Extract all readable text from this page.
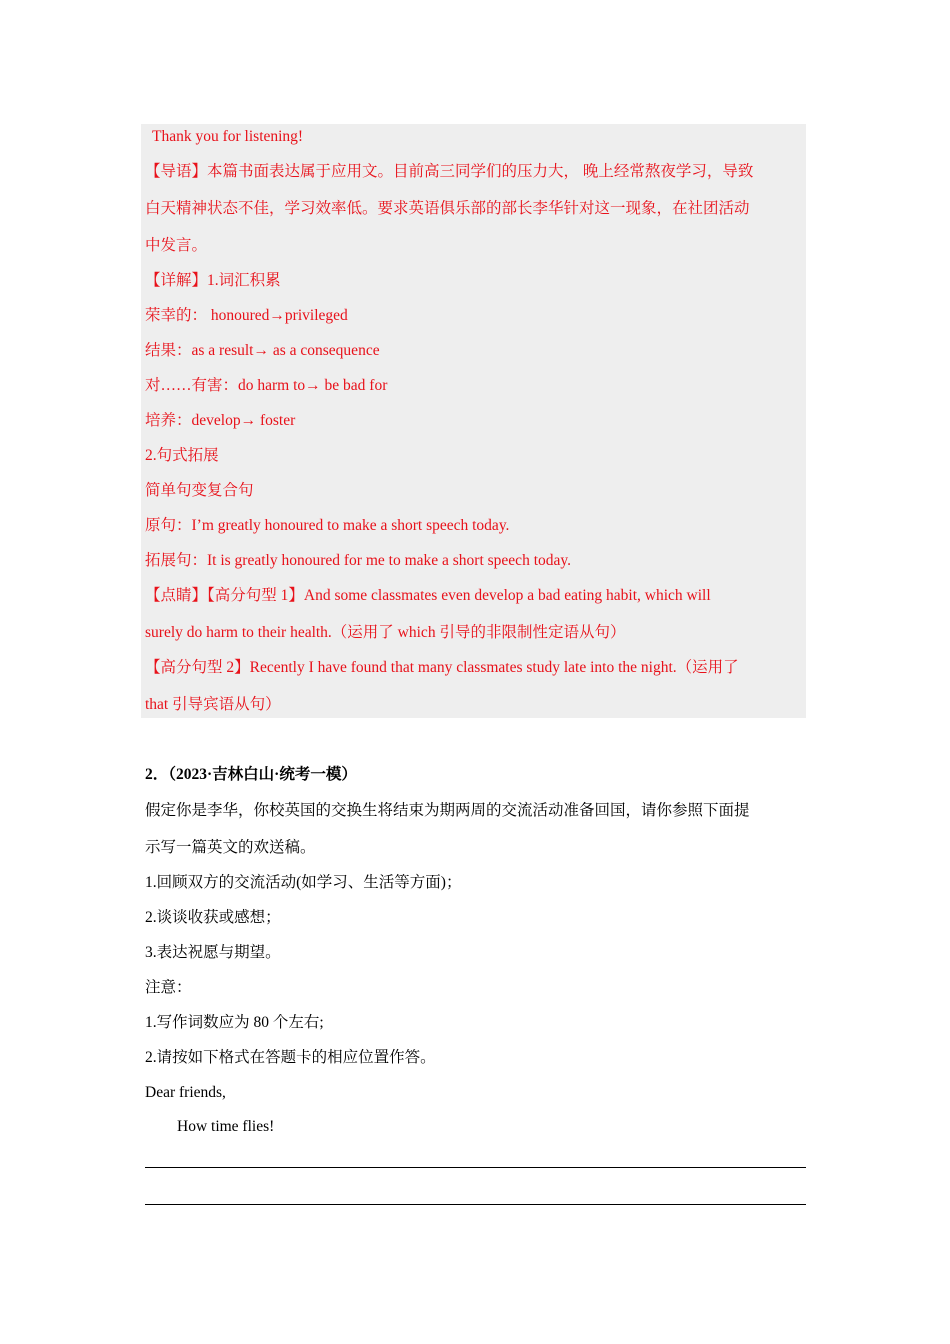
Thank you for listening!
【导语】本篇书面表达属于应用文。目前高三同学们的压力大， 晚上经常熬夜学习，导致
白天精神状态不佳，学习效率低。要求英语俱乐部的部长李华针对这一现象，在社团活动
中发言。
【详解】1.词汇积累
荣幸的： honoured→privileged
结果：as a result→ as a consequence
对……有害：do harm to→ be bad for
培养：develop→ foster
2.句式拓展
简单句变复合句
原句：I’m greatly honoured to make a short speech today.
拓展句：It is greatly honoured for me to make a short speech today.
【点睛】【高分句型 1】And some classmates even develop a bad eating habit, which will
surely do harm to their health.（运用了 which 引导的非限制性定语从句）
【高分句型 2】Recently I have found that many classmates study late into the night.（运用了
that 引导宾语从句）
2．（2023·吉林白山·统考一模）
假定你是李华，你校英国的交换生将结束为期两周的交流活动准备回国，请你参照下面提
示写一篇英文的欢送稿。
1.回顾双方的交流活动(如学习、生活等方面)；
2.谈谈收获或感想；
3.表达祝愿与期望。
注意：
1.写作词数应为 80 个左右;
2.请按如下格式在答题卡的相应位置作答。
Dear friends,
How time flies!
